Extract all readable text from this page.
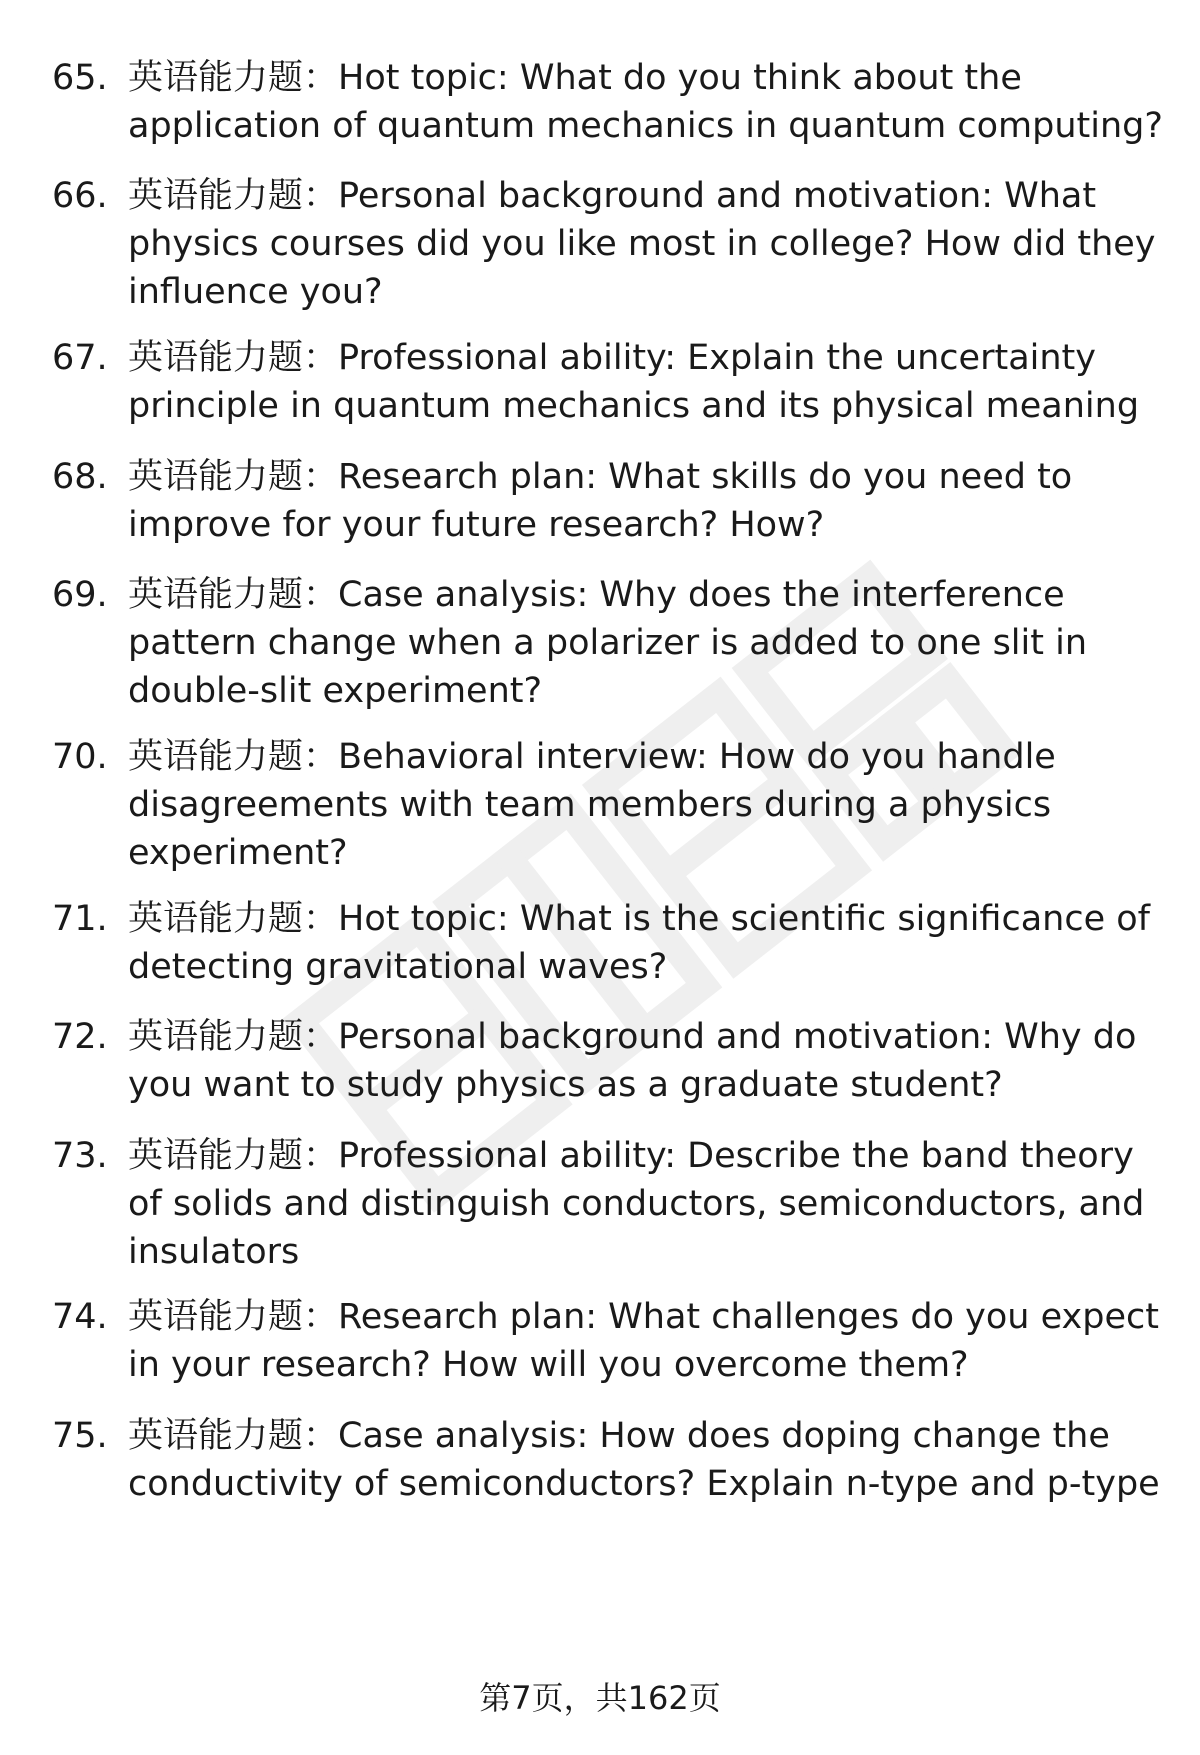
65. 英语能力题：Hot topic: What do you think about the application of quantum mechanics in quantum computing?
66. 英语能力题：Personal background and motivation: What physics courses did you like most in college? How did they influence you?
67. 英语能力题：Professional ability: Explain the uncertainty principle in quantum mechanics and its physical meaning
68. 英语能力题：Research plan: What skills do you need to improve for your future research? How?
69. 英语能力题：Case analysis: Why does the interference pattern change when a polarizer is added to one slit in double-slit experiment?
70. 英语能力题：Behavioral interview: How do you handle disagreements with team members during a physics experiment?
71. 英语能力题：Hot topic: What is the scientific significance of detecting gravitational waves?
72. 英语能力题：Personal background and motivation: Why do you want to study physics as a graduate student?
73. 英语能力题：Professional ability: Describe the band theory of solids and distinguish conductors, semiconductors, and insulators
74. 英语能力题：Research plan: What challenges do you expect in your research? How will you overcome them?
75. 英语能力题：Case analysis: How does doping change the conductivity of semiconductors? Explain n-type and p-type
第7页，共162页
